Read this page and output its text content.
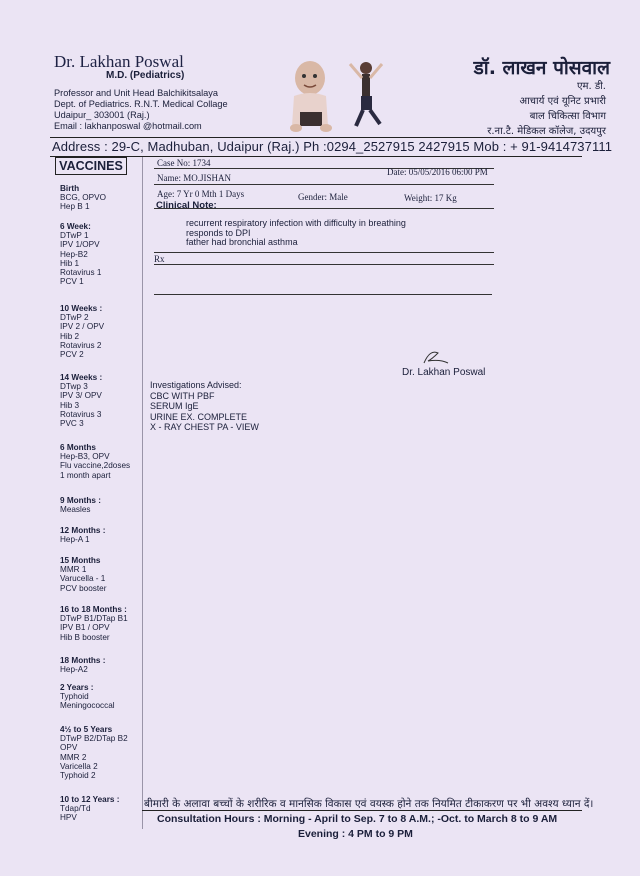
Dr. Lakhan Poswal
M.D. (Pediatrics)
Professor and Unit Head Balchikitsalaya
Dept. of Pediatrics. R.N.T. Medical Collage
Udaipur_ 303001 (Raj.)
Email : lakhanposwal @hotmail.com
डॉ. लाखन पोसवाल
एम. डी.
आचार्य एवं यूनिट प्रभारी
बाल चिकित्सा विभाग
र.ना.टै. मेडिकल कॉलेज, उदयपुर
Address : 29-C, Madhuban, Udaipur (Raj.) Ph :0294_2527915 2427915 Mob : + 91-9414737111
VACCINES
Birth
BCG, OPVO
Hep B 1
6 Week:
DTwP 1
IPV 1/OPV
Hep-B2
Hib 1
Rotavirus 1
PCV 1
10 Weeks :
DTwP 2
IPV 2 / OPV
Hib 2
Rotavirus 2
PCV 2
14 Weeks :
DTwp 3
IPV 3/ OPV
Hib 3
Rotavirus 3
PVC 3
6 Months
Hep-B3, OPV
Flu vaccine,2doses
1 month apart
9 Months :
Measles
12 Months :
Hep-A 1
15 Months
MMR 1
Varucella - 1
PCV booster
16 to 18 Months :
DTwP B1/DTap B1
IPV B1 / OPV
Hib B booster
18 Months :
Hep-A2
2 Years :
Typhoid
Meningococcal
4½ to 5 Years
DTwP B2/DTap B2
OPV
MMR 2
Varicella 2
Typhoid 2
10 to 12 Years :
Tdap/Td
HPV
Case No: 1734
Date: 05/05/2016 06:00 PM
Name: MO.JISHAN
Age: 7 Yr 0 Mth 1 Days	Gender: Male	Weight: 17 Kg
Clinical Note:
recurrent respiratory infection with difficulty in breathing
responds to DPI
father had bronchial asthma
Rx
Dr. Lakhan Poswal
Investigations Advised:
CBC WITH PBF
SERUM IgE
URINE EX. COMPLETE
X - RAY CHEST PA - VIEW
बीमारी के अलावा बच्चों के शरीरिक व मानसिक विकास एवं वयस्क होने तक नियमित टीकाकरण पर भी अवश्य ध्यान दें।
Consultation Hours : Morning - April to Sep. 7 to 8 A.M.; -Oct. to March 8 to 9 AM
Evening : 4 PM to 9 PM
